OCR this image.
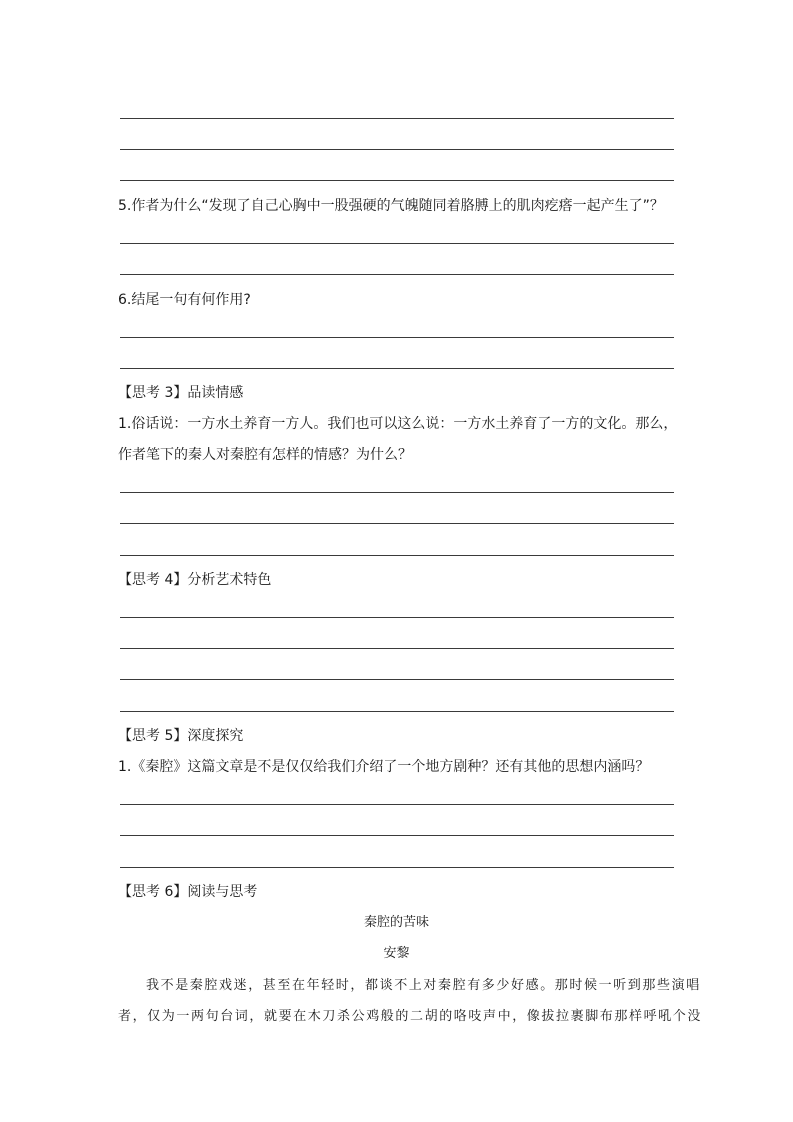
5.作者为什么“发现了自己心胸中一股强硬的气魄随同着胳膊上的肌肉疙瘩一起产生了”？
6.结尾一句有何作用?
【思考 3】品读情感
1.俗话说：一方水土养育一方人。我们也可以这么说：一方水土养育了一方的文化。那么，
作者笔下的秦人对秦腔有怎样的情感？为什么？
【思考 4】分析艺术特色
【思考 5】深度探究
1.《秦腔》这篇文章是不是仅仅给我们介绍了一个地方剧种？还有其他的思想内涵吗？
【思考 6】阅读与思考
秦腔的苦味
安黎
我不是秦腔戏迷，甚至在年轻时，都谈不上对秦腔有多少好感。那时候一听到那些演唱
者，仅为一两句台词，就要在木刀杀公鸡般的二胡的咯吱声中，像拔拉裹脚布那样呼吼个没
